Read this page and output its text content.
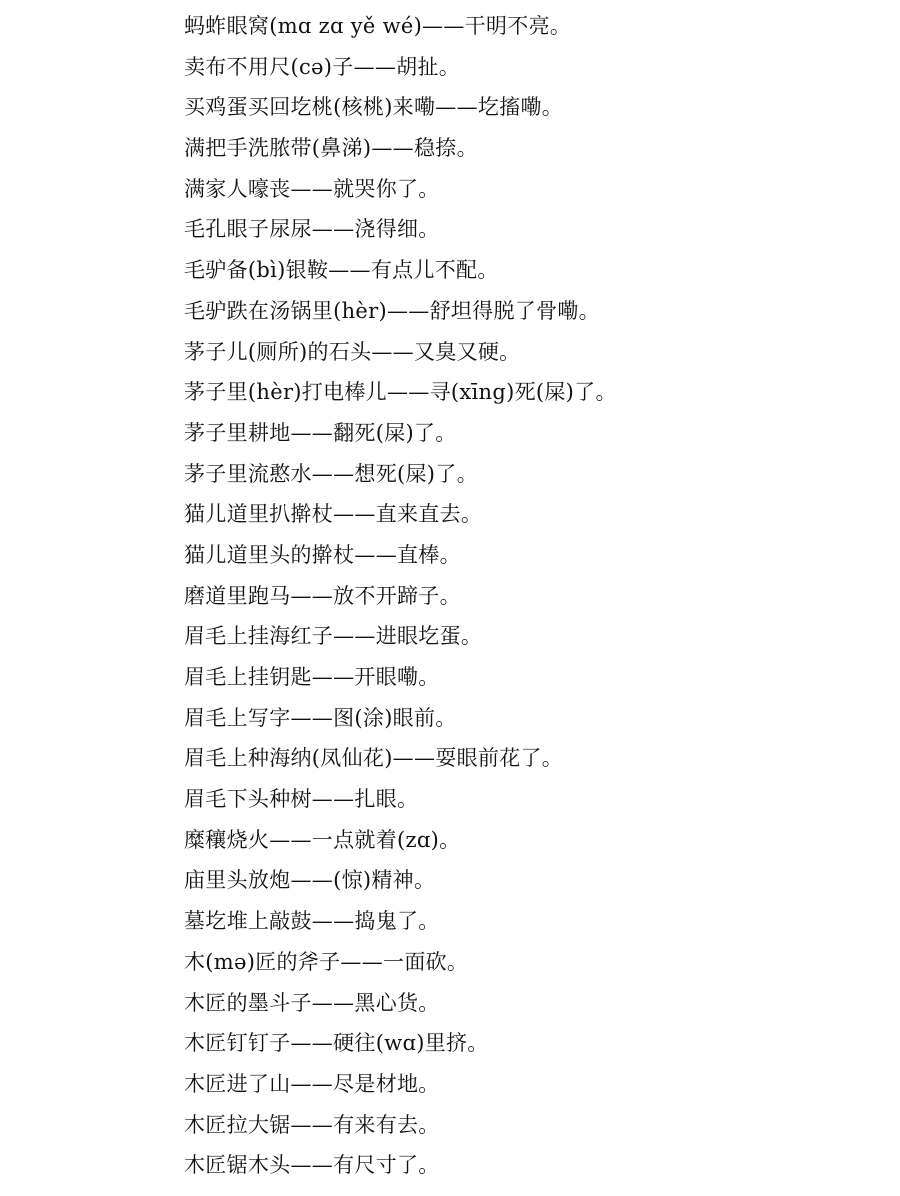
蚂蚱眼窝(mɑ zɑ yě wé)——干明不亮。
卖布不用尺(cə)子——胡扯。
买鸡蛋买回圪桃(核桃)来嘞——圪搐嘞。
满把手洗脓带(鼻涕)——稳捺。
满家人嚎丧——就哭你了。
毛孔眼子尿尿——浇得细。
毛驴备(bì)银鞍——有点儿不配。
毛驴跌在汤锅里(hèr)——舒坦得脱了骨嘞。
茅子儿(厕所)的石头——又臭又硬。
茅子里(hèr)打电棒儿——寻(xīng)死(屎)了。
茅子里耕地——翻死(屎)了。
茅子里流憨水——想死(屎)了。
猫儿道里扒擀杖——直来直去。
猫儿道里头的擀杖——直棒。
磨道里跑马——放不开蹄子。
眉毛上挂海红子——进眼圪蛋。
眉毛上挂钥匙——开眼嘞。
眉毛上写字——图(涂)眼前。
眉毛上种海纳(凤仙花)——耍眼前花了。
眉毛下头种树——扎眼。
糜穰烧火——一点就着(zɑ)。
庙里头放炮——(惊)精神。
墓圪堆上敲鼓——捣鬼了。
木(mə)匠的斧子——一面砍。
木匠的墨斗子——黑心货。
木匠钉钉子——硬往(wɑ)里挤。
木匠进了山——尽是材地。
木匠拉大锯——有来有去。
木匠锯木头——有尺寸了。
